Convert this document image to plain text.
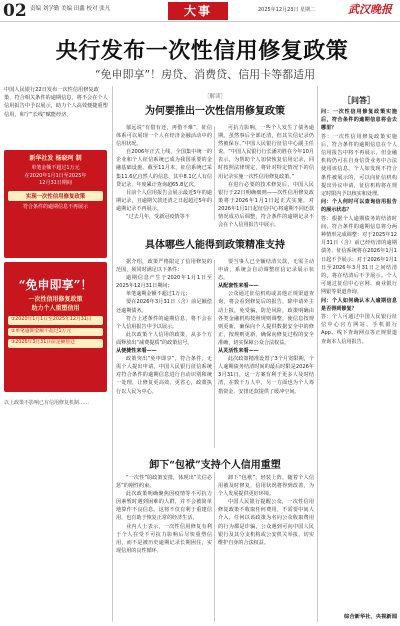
02 责编 刘学勤 美编 田鑫 校对 张凡	大事	2025年12月23日 星期二	武汉晚报
央行发布一次性信用修复政策
“免申即享”！房贷、消费贷、信用卡等都适用
中国人民银行22日发布一次性信用修复政策，符合相关条件的逾期信息，将不会在个人信用报告中予以展示，助力个人高效便捷重塑信用，和宁“长线”赋能经济。
新华社发 杨晓珂 制
单笔金额不超过1万元
在2020年1月1日至2025年
12月31日期间
实现一次性信用修复政策
符合条件的逾期信息不再展示
“免申即享”！
一次性信用修复政策
助力个人重塑信用
①2020年1月1日至2025年12月31日
②单笔逾期金额不超过1万元
③2026年3月31日前足额偿还
以上政策不影响已有信用修复机制……
［解读］
为何要推出一次性信用修复政策

郁远说“有借有还，再借不难”，征信体系可以展现一个人在经济金融活动中的信用状况。

自2006年正式上线，全国集中统一的企业和个人征信系统已成为我国重要的金融基础设施。截至11月末，征信系统已采集11.6亿自然人的信息，其中8.1亿人有信贷记录，年度累计查询超65.8亿次。

目前个人信用报告会展示最近5年的逾期记录，且逾期欠款还清之日起超过5年的逾期记录不再展示。

“过去几年，受新冠疫情等不

可抗力影响，一些个人发生了债务逾期。虽然事后全部还清，但其失信记录仍然被保存。”中国人民银行征信中心副主任说，“中国人民银行行长潘功胜在今年10月表示，为帮助个人加快恢复信用记录，同时按照法律规定，将针对特定情况下的信用记录实施一次性信用修复政策。”

在进行必要的技术修复后，中国人民银行于22日明确细则——次性信用修复政策将于2026年1月1日起正式实施，对2026年1月1日起征信中心将逾期不同还款情况成功后调整，符合条件的逾期记录不会在个人信用报告中展示。

具体哪些人能得到政策精准支持

据介绍，政策严格限定了信用修复的范围，须同时满足以下条件：

逾期信息产生于2020年1月1日至2025年12月31日期间；

单笔逾期金额不超过1万元；

要在2026年3月31日（含）前足额偿还逾期债务。

符合上述条件的逾期信息，将不会在个人信用报告中予以展示。

此次政策个人信用的政策，从多个方面释放出“减费提质”的政策信号。

从便捷性来看——

政策突出“免申即享”，符合条件，无需个人提出申请，中国人民银行征信系统对符合条件的逾期信息进行自动识别和统一处理，让修复更高效、更省心，政策执行以人民为中心。

要当事人已全额结清欠款，无需主动申请，系统会自动调整征信记录展示状态。

从配套性来看——

公众通过征信机构或其他正规渠道查询，将会看到修复后的报告，除申请外主动上报，免受骗，防范风险，政策明确由各类金融机构按照规则调整，使信息按规则更新，确保向个人提供数据安全中的修正，按规则更新，确保向修复过程的安全准确，切实保障公众合法权益。

从灵活性来看——

此次政策精准设置了3个月宽限期，个人逾期债务结清时间的最后时限是2026年3月31日，这一方案有利于更多人及时结清，在数千万人中，另一方面也为个人筹措资金、安排还款提供了缓冲空间。

卸下“包袱”支持个人信用重塑

“一次性”的政策安排，体现出“失信必惩”的刚性约束。

此次政策明确聚焦因疫情等不可抗力因素暂时遇到困难的人群，并不会被简单地算作不良信息。这将不仅有利于重建信用，也有助于恢复正常的经济生活。

业内人士表示，一次性信用修复有利于个人在受不可抗力影响后尽快重塑信用，而不是被历史逾期记录长期困住，实现信用的良性循环。

卸下“包袱”，轻装上阵。随着个人信用被及时修复，信用状况将得到改善，为个人发展提供更好环境。

中国人民银行提醒公众，一次性信用修复政策不收取任何费用，不需要中间人介入。任何以该政策为名向公众收取费用的行为都是诈骗，公众遇到可向中国人民银行及其分支机构或公安机关举报，切实维护自身的合法权益。

［问答］

问：一次性信用修复政策实施后，符合条件的逾期信息将会去哪里？

答：一次性信用修复政策实施后，符合条件的逾期信息在个人信用报告中将不再展示，但金融机构仍可在自身信贷业务中合法使用该信息。个人如发现不符合条件被展示的，可以向征信机构提出异议申请，征信机构将在规定时限内予以核实和处理。

问：个人何时可以查询信用报告的展示状态？

答：根据个人逾期债务的结清时间，符合条件的逾期信息将分两种情形完成调整：对于2025年12月31日（含）前已经结清的逾期债务，征信系统将在2026年1月1日起不予展示；对于2026年1月1日至2026年3月31日之间结清的，将在结清后不予展示。个人可通过征信中心官网、商业银行网银等渠道查询。

问：个人如何确认本人逾期信息是否得到修复？

答：个人可通过中国人民银行征信中心官方网站、手机银行App、线下查询网点等正规渠道查询本人信用报告。

综合新华社、央视新闻
